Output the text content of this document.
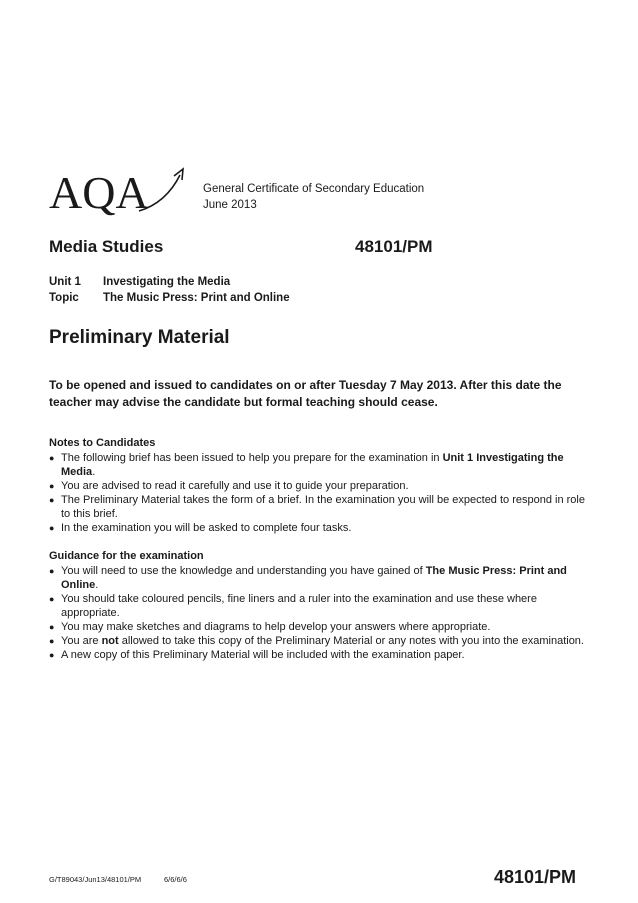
AQA	General Certificate of Secondary Education
June 2013
Media Studies	48101/PM
Unit 1 Investigating the Media
Topic The Music Press: Print and Online
Preliminary Material
To be opened and issued to candidates on or after Tuesday 7 May 2013. After this date the teacher may advise the candidate but formal teaching should cease.
Notes to Candidates
● The following brief has been issued to help you prepare for the examination in Unit 1 Investigating the Media.
● You are advised to read it carefully and use it to guide your preparation.
● The Preliminary Material takes the form of a brief. In the examination you will be expected to respond in role to this brief.
● In the examination you will be asked to complete four tasks.
Guidance for the examination
● You will need to use the knowledge and understanding you have gained of The Music Press: Print and Online.
● You should take coloured pencils, fine liners and a ruler into the examination and use these where appropriate.
● You may make sketches and diagrams to help develop your answers where appropriate.
● You are not allowed to take this copy of the Preliminary Material or any notes with you into the examination.
● A new copy of this Preliminary Material will be included with the examination paper.
G/T89043/Jun13/48101/PM	6/6/6/6	48101/PM
